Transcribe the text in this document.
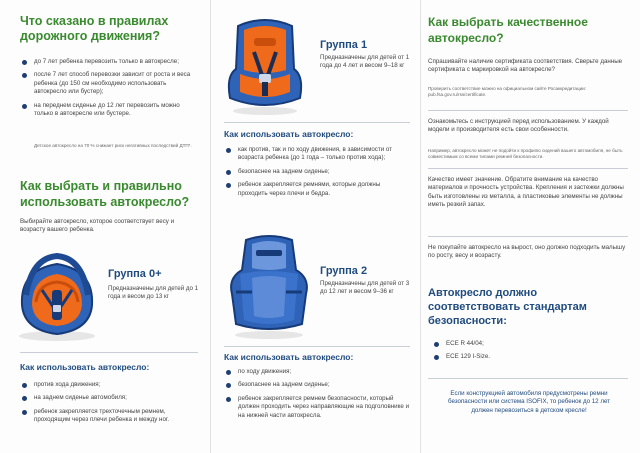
Что сказано в правилах
дорожного движения?
до 7 лет ребенка перевозить только в автокресле;
после 7 лет способ перевозки зависит от роста и веса ребенка (до 150 см необходимо использовать автокресло или бустер);
на переднем сиденье до 12 лет перевозить можно только в автокресле или бустере.
Детское автокресло на 70 % снижает риск негативных последствий ДТП*.
Как выбрать и правильно
использовать автокресло?
Выбирайте автокресло, которое соответствует весу и возрасту вашего ребенка.
Группа 0+
Предназначены для детей до 1 года и весом до 13 кг
Как использовать автокресло:
против хода движения;
на заднем сиденье автомобиля;
ребенок закрепляется трехточечным ремнем, проходящим через плечи ребенка и между ног.
Группа 1
Предназначены для детей от 1 года до 4 лет и весом 9–18 кг
Как использовать автокресло:
как против, так и по ходу движения, в зависимости от возраста ребенка (до 1 года – только против хода);
безопаснее на заднем сиденье;
ребенок закрепляется ремнями, которые должны проходить через плечи и бедра.
Группа 2
Предназначены для детей от 3 до 12 лет и весом 9–36 кг
Как использовать автокресло:
по ходу движения;
безопаснее на заднем сиденье;
ребенок закрепляется ремнем безопасности, который должен проходить через направляющие на подголовнике и на нижней части автокресла.
Как выбрать качественное
автокресло?
Спрашивайте наличие сертификата соответствия. Сверьте данные сертификата с маркировкой на автокресле?
Проверить соответствие можно на официальном сайте Росаккредитации: pub.fsa.gov.ru/rss/certificate.
Ознакомьтесь с инструкцией перед использованием. У каждой модели и производителя есть свои особенности.
Например, автокресло может не подойти к профилю сидений вашего автомобиля, не быть совместимым со всеми типами ремней безопасности.
Качество имеет значение. Обратите внимание на качество материалов и прочность устройства. Крепления и застежки должны быть изготовлены из металла, а пластиковые элементы не должны иметь резкий запах.
Не покупайте автокресло на вырост, оно должно подходить малышу по росту, весу и возрасту.
Автокресло должно
соответствовать стандартам
безопасности:
ECE R 44/04;
ECE 129 I-Size.
Если конструкцией автомобиля предусмотрены ремни безопасности или система ISOFIX, то ребенок до 12 лет должен перевозиться в детском кресле!
